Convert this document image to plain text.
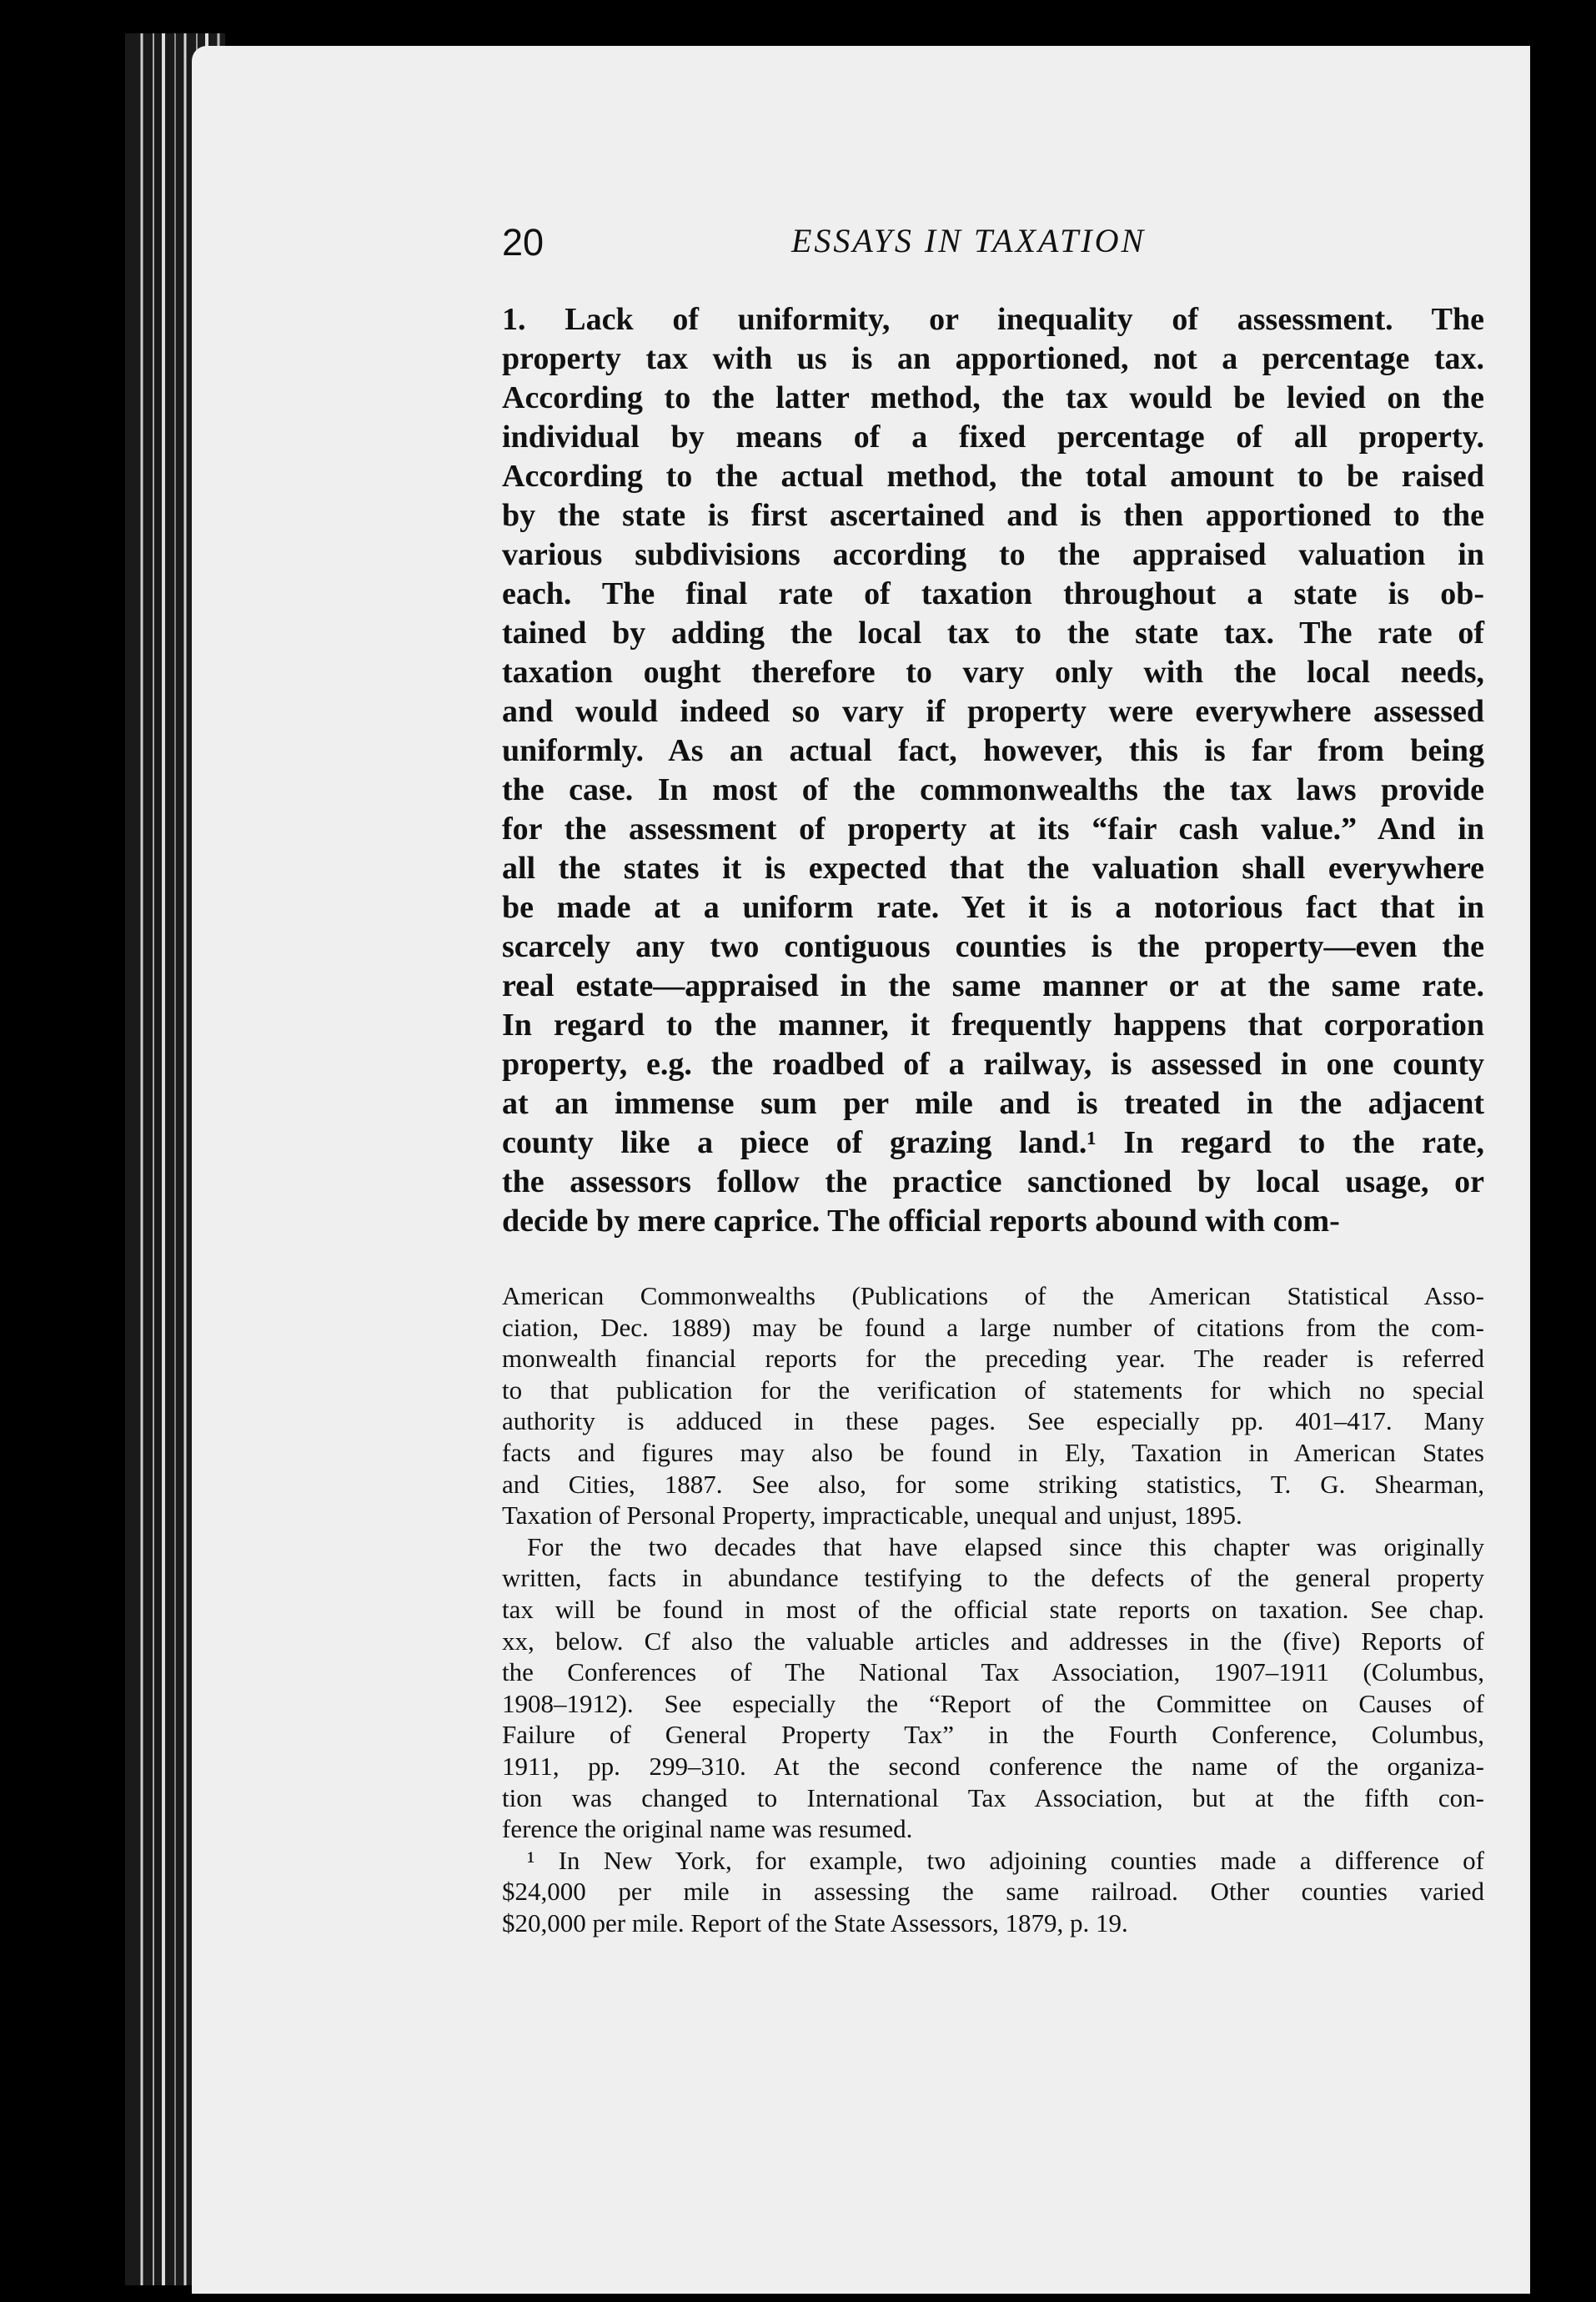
20	ESSAYS IN TAXATION
1. Lack of uniformity, or inequality of assessment. The
property tax with us is an apportioned, not a percentage tax.
According to the latter method, the tax would be levied on the
individual by means of a fixed percentage of all property.
According to the actual method, the total amount to be raised
by the state is first ascertained and is then apportioned to the
various subdivisions according to the appraised valuation in
each. The final rate of taxation throughout a state is ob-
tained by adding the local tax to the state tax. The rate of
taxation ought therefore to vary only with the local needs,
and would indeed so vary if property were everywhere assessed
uniformly. As an actual fact, however, this is far from being
the case. In most of the commonwealths the tax laws provide
for the assessment of property at its “fair cash value.” And in
all the states it is expected that the valuation shall everywhere
be made at a uniform rate. Yet it is a notorious fact that in
scarcely any two contiguous counties is the property—even the
real estate—appraised in the same manner or at the same rate.
In regard to the manner, it frequently happens that corporation
property, e.g. the roadbed of a railway, is assessed in one county
at an immense sum per mile and is treated in the adjacent
county like a piece of grazing land.¹ In regard to the rate,
the assessors follow the practice sanctioned by local usage, or
decide by mere caprice. The official reports abound with com-
American Commonwealths (Publications of the American Statistical Asso-
ciation, Dec. 1889) may be found a large number of citations from the com-
monwealth financial reports for the preceding year. The reader is referred
to that publication for the verification of statements for which no special
authority is adduced in these pages. See especially pp. 401–417. Many
facts and figures may also be found in Ely, Taxation in American States
and Cities, 1887. See also, for some striking statistics, T. G. Shearman,
Taxation of Personal Property, impracticable, unequal and unjust, 1895.
For the two decades that have elapsed since this chapter was originally
written, facts in abundance testifying to the defects of the general property
tax will be found in most of the official state reports on taxation. See chap.
xx, below. Cf also the valuable articles and addresses in the (five) Reports of
the Conferences of The National Tax Association, 1907–1911 (Columbus,
1908–1912). See especially the “Report of the Committee on Causes of
Failure of General Property Tax” in the Fourth Conference, Columbus,
1911, pp. 299–310. At the second conference the name of the organiza-
tion was changed to International Tax Association, but at the fifth con-
ference the original name was resumed.
¹ In New York, for example, two adjoining counties made a difference of
$24,000 per mile in assessing the same railroad. Other counties varied
$20,000 per mile. Report of the State Assessors, 1879, p. 19.
